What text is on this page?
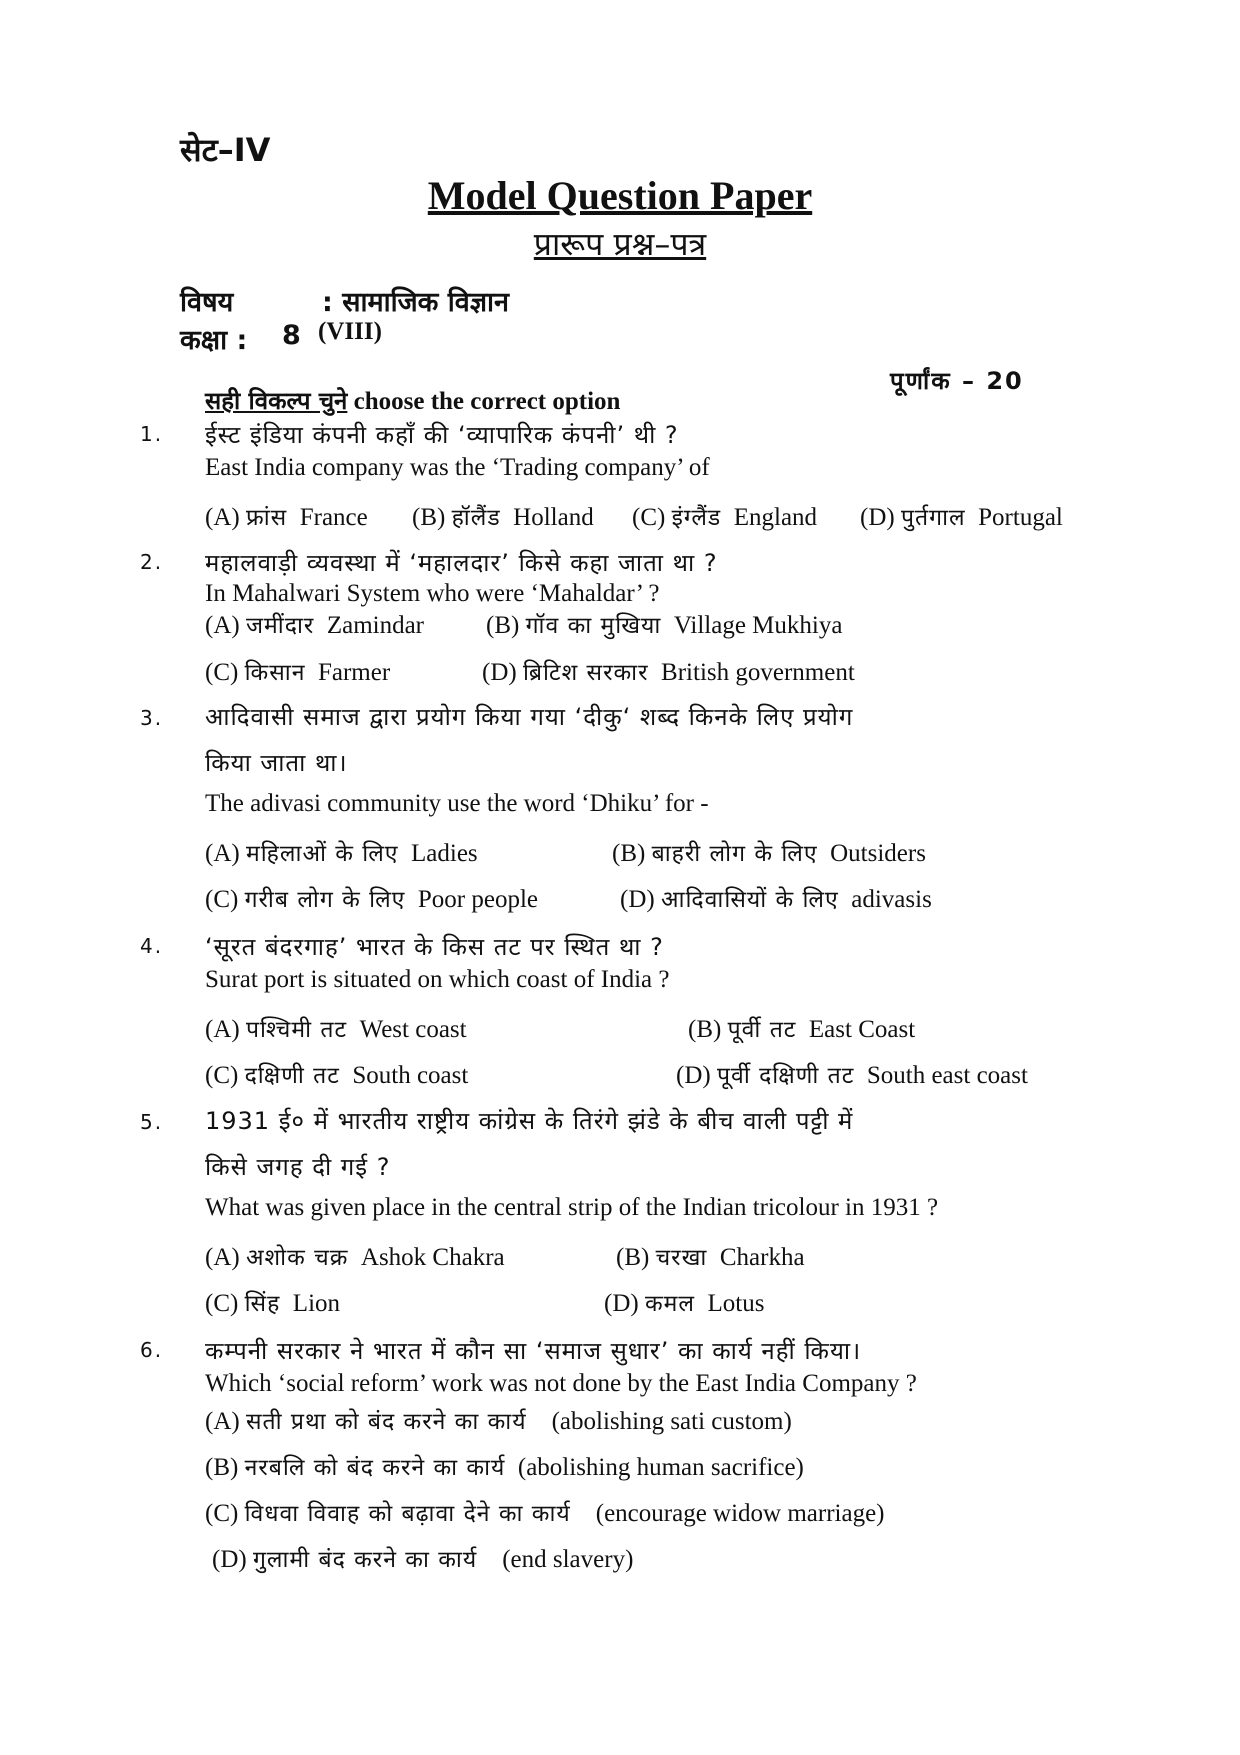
सेट–IV
Model Question Paper
प्रारूप प्रश्न–पत्र
विषय	: सामाजिक विज्ञान
कक्षा : 8 (VIII)
पूर्णांक – 20
सही विकल्प चुने choose the correct option
1. ईस्ट इंडिया कंपनी कहाँ की ‘व्यापारिक कंपनी’ थी ?
East India company was the ‘Trading company’ of
(A) फ्रांस France (B) हॉलैंड Holland (C) इंग्लैंड England (D) पुर्तगाल Portugal
2. महालवाड़ी व्यवस्था में ‘महालदार’ किसे कहा जाता था ?
In Mahalwari System who were ‘Mahaldar’ ?
(A) जमींदार Zamindar (B) गॉव का मुखिया Village Mukhiya
(C) किसान Farmer	(D) ब्रिटिश सरकार British government
3. आदिवासी समाज द्वारा प्रयोग किया गया ‘दीकु‘ शब्द किनके लिए प्रयोग
किया जाता था।
The adivasi community use the word ‘Dhiku’ for -
(A) महिलाओं के लिए Ladies	(B) बाहरी लोग के लिए Outsiders
(C) गरीब लोग के लिए Poor people	(D) आदिवासियों के लिए adivasis
4. ‘सूरत बंदरगाह’ भारत के किस तट पर स्थित था ?
Surat port is situated on which coast of India ?
(A) पश्चिमी तट West coast	(B) पूर्वी तट East Coast
(C) दक्षिणी तट South coast	(D) पूर्वी दक्षिणी तट South east coast
5. 1931 ई० में भारतीय राष्ट्रीय कांग्रेस के तिरंगे झंडे के बीच वाली पट्टी में
किसे जगह दी गई ?
What was given place in the central strip of the Indian tricolour in 1931 ?
(A) अशोक चक्र Ashok Chakra	(B) चरखा Charkha
(C) सिंह Lion	(D) कमल Lotus
6. कम्पनी सरकार ने भारत में कौन सा ‘समाज सुधार’ का कार्य नहीं किया।
Which ‘social reform’ work was not done by the East India Company ?
(A) सती प्रथा को बंद करने का कार्य (abolishing sati custom)
(B) नरबलि को बंद करने का कार्य (abolishing human sacrifice)
(C) विधवा विवाह को बढ़ावा देने का कार्य (encourage widow marriage)
(D) गुलामी बंद करने का कार्य (end slavery)
